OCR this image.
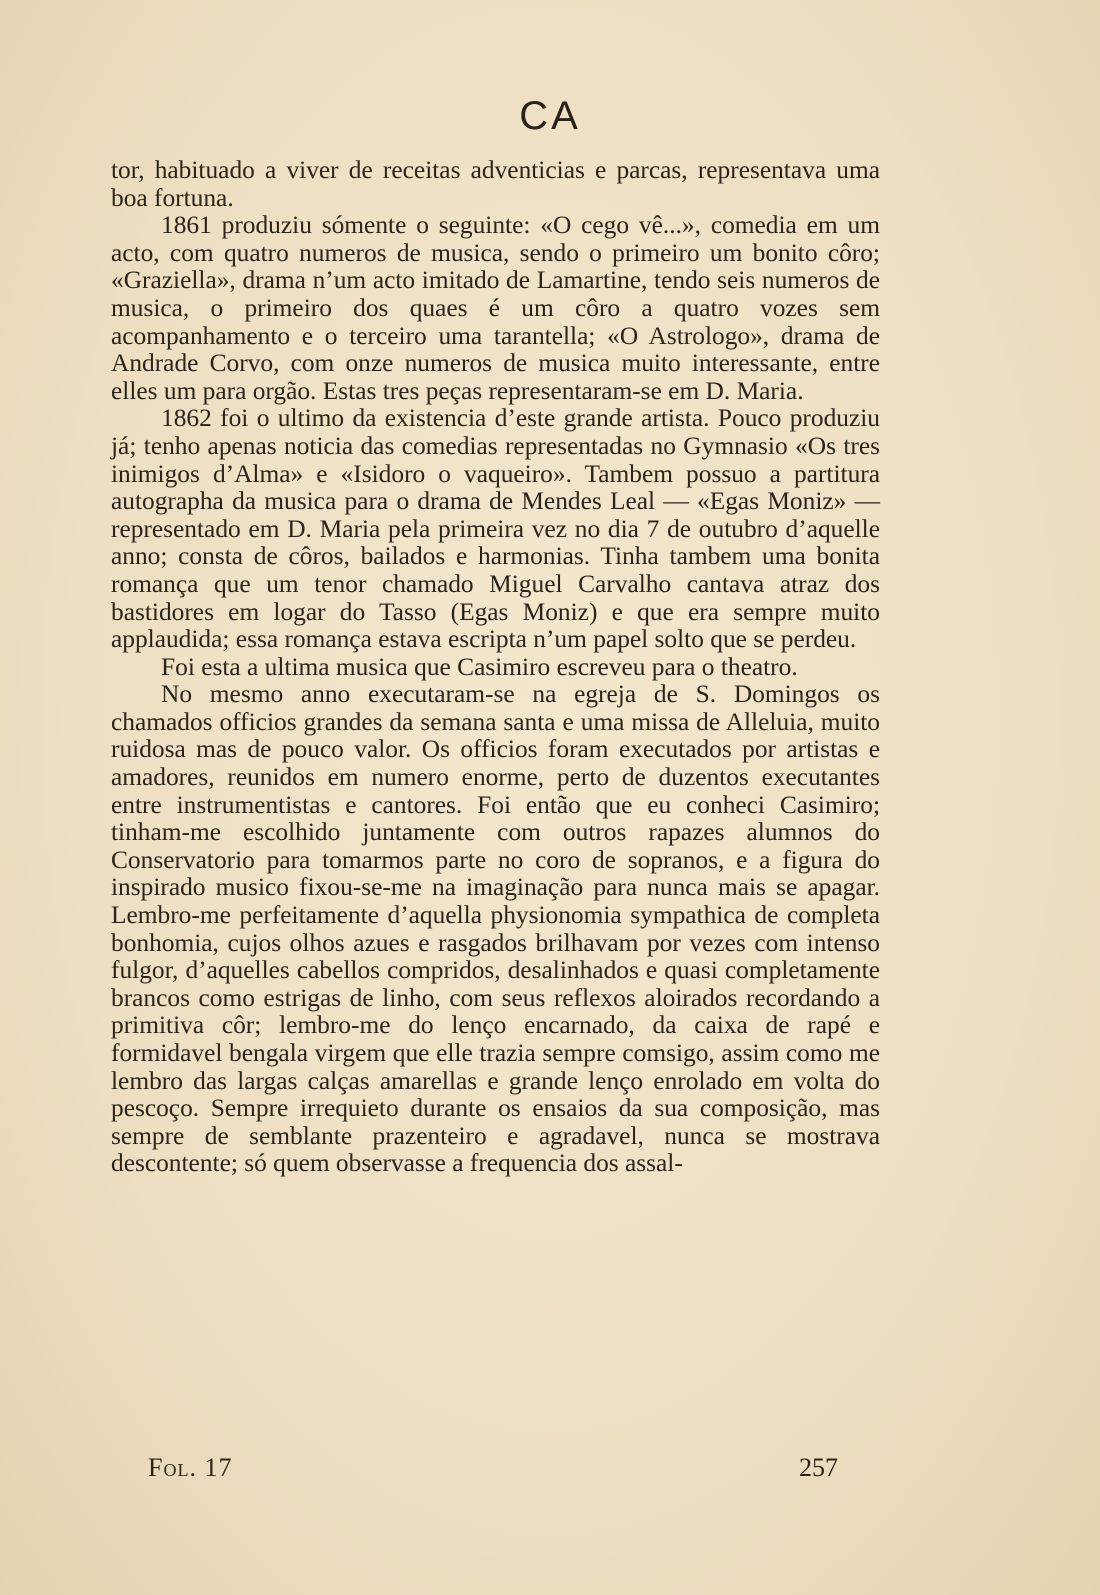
CA

tor, habituado a viver de receitas adventicias e parcas, representava uma boa fortuna.

1861 produziu sómente o seguinte: «O cego vê...», comedia em um acto, com quatro numeros de musica, sendo o primeiro um bonito côro; «Graziella», drama n’um acto imitado de Lamartine, tendo seis numeros de musica, o primeiro dos quaes é um côro a quatro vozes sem acompanhamento e o terceiro uma tarantella; «O Astrologo», drama de Andrade Corvo, com onze numeros de musica muito interessante, entre elles um para orgão. Estas tres peças representaram-se em D. Maria.

1862 foi o ultimo da existencia d’este grande artista. Pouco produziu já; tenho apenas noticia das comedias representadas no Gymnasio «Os tres inimigos d’Alma» e «Isidoro o vaqueiro». Tambem possuo a partitura autographa da musica para o drama de Mendes Leal — «Egas Moniz» — representado em D. Maria pela primeira vez no dia 7 de outubro d’aquelle anno; consta de côros, bailados e harmonias. Tinha tambem uma bonita romança que um tenor chamado Miguel Carvalho cantava atraz dos bastidores em logar do Tasso (Egas Moniz) e que era sempre muito applaudida; essa romança estava escripta n’um papel solto que se perdeu.

Foi esta a ultima musica que Casimiro escreveu para o theatro.

No mesmo anno executaram-se na egreja de S. Domingos os chamados officios grandes da semana santa e uma missa de Alleluia, muito ruidosa mas de pouco valor. Os officios foram executados por artistas e amadores, reunidos em numero enorme, perto de duzentos executantes entre instrumentistas e cantores. Foi então que eu conheci Casimiro; tinham-me escolhido juntamente com outros rapazes alumnos do Conservatorio para tomarmos parte no coro de sopranos, e a figura do inspirado musico fixou-se-me na imaginação para nunca mais se apagar. Lembro-me perfeitamente d’aquella physionomia sympathica de completa bonhomia, cujos olhos azues e rasgados brilhavam por vezes com intenso fulgor, d’aquelles cabellos compridos, desalinhados e quasi completamente brancos como estrigas de linho, com seus reflexos aloirados recordando a primitiva côr; lembro-me do lenço encarnado, da caixa de rapé e formidavel bengala virgem que elle trazia sempre comsigo, assim como me lembro das largas calças amarellas e grande lenço enrolado em volta do pescoço. Sempre irrequieto durante os ensaios da sua composição, mas sempre de semblante prazenteiro e agradavel, nunca se mostrava descontente; só quem observasse a frequencia dos assal-

Fol. 17	257
